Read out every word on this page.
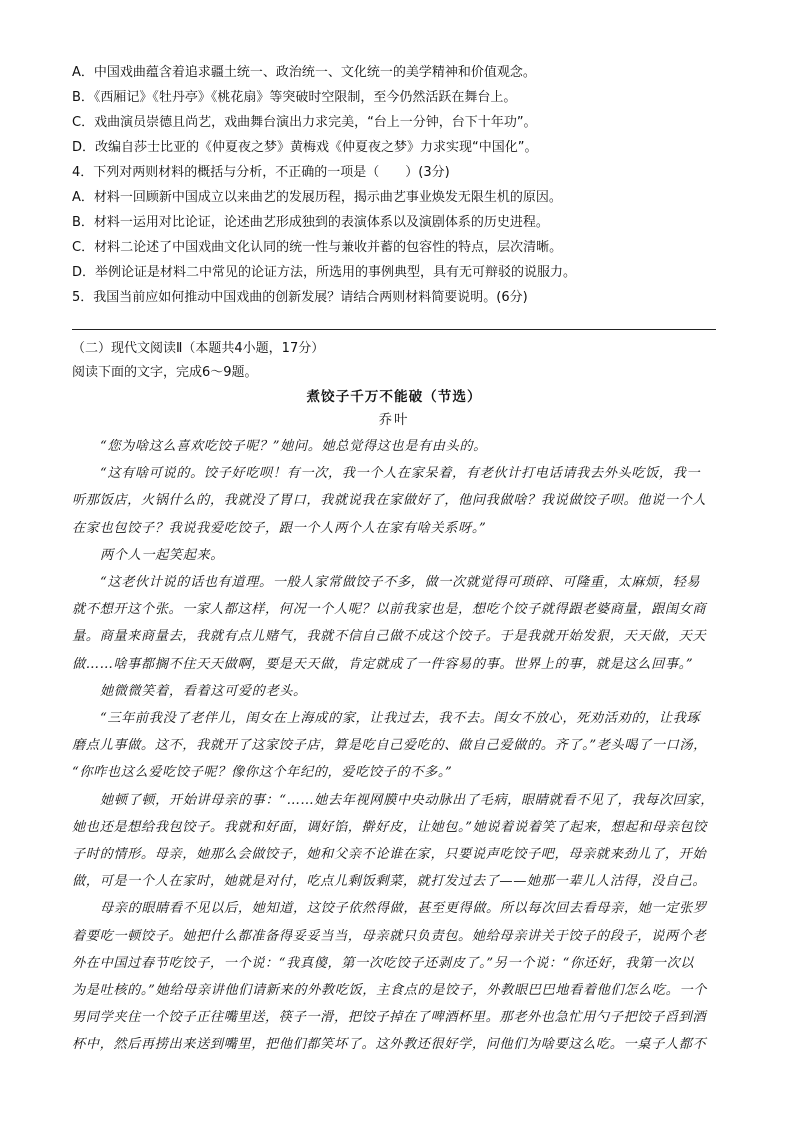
A．中国戏曲蕴含着追求疆土统一、政治统一、文化统一的美学精神和价值观念。
B．《西厢记》《牡丹亭》《桃花扇》等突破时空限制，至今仍然活跃在舞台上。
C．戏曲演员崇德且尚艺，戏曲舞台演出力求完美，“台上一分钟，台下十年功”。
D．改编自莎士比亚的《仲夏夜之梦》黄梅戏《仲夏夜之梦》力求实现“中国化”。
4．下列对两则材料的概括与分析，不正确的一项是（　　）(3分)
A．材料一回顾新中国成立以来曲艺的发展历程，揭示曲艺事业焕发无限生机的原因。
B．材料一运用对比论证，论述曲艺形成独到的表演体系以及演剧体系的历史进程。
C．材料二论述了中国戏曲文化认同的统一性与兼收并蓄的包容性的特点，层次清晰。
D．举例论证是材料二中常见的论证方法，所选用的事例典型，具有无可辩驳的说服力。
5．我国当前应如何推动中国戏曲的创新发展？请结合两则材料简要说明。(6分)
（二）现代文阅读Ⅱ（本题共4小题，17分）
阅读下面的文字，完成6～9题。
煮饺子千万不能破（节选）
乔叶
“您为啥这么喜欢吃饺子呢？”她问。她总觉得这也是有由头的。
“这有啥可说的。饺子好吃呗！有一次，我一个人在家呆着，有老伙计打电话请我去外头吃饭，我一
听那饭店，火锅什么的，我就没了胃口，我就说我在家做好了，他问我做啥？我说做饺子呗。他说一个人
在家也包饺子？我说我爱吃饺子，跟一个人两个人在家有啥关系呀。”
两个人一起笑起来。
“这老伙计说的话也有道理。一般人家常做饺子不多，做一次就觉得可琐碎、可隆重，太麻烦，轻易
就不想开这个张。一家人都这样，何况一个人呢？以前我家也是，想吃个饺子就得跟老婆商量，跟闺女商
量。商量来商量去，我就有点儿赌气，我就不信自己做不成这个饺子。于是我就开始发狠，天天做，天天
做……啥事都搁不住天天做啊，要是天天做，肯定就成了一件容易的事。世界上的事，就是这么回事。”
她微微笑着，看着这可爱的老头。
“三年前我没了老伴儿，闺女在上海成的家，让我过去，我不去。闺女不放心，死劝活劝的，让我琢
磨点儿事做。这不，我就开了这家饺子店，算是吃自己爱吃的、做自己爱做的。齐了。”老头喝了一口汤，
“你咋也这么爱吃饺子呢？像你这个年纪的，爱吃饺子的不多。”
她顿了顿，开始讲母亲的事：“……她去年视网膜中央动脉出了毛病，眼睛就看不见了，我每次回家，
她也还是想给我包饺子。我就和好面，调好馅，擀好皮，让她包。”她说着说着笑了起来，想起和母亲包饺
子时的情形。母亲，她那么会做饺子，她和父亲不论谁在家，只要说声吃饺子吧，母亲就来劲儿了，开始
做，可是一个人在家时，她就是对付，吃点儿剩饭剩菜，就打发过去了——她那一辈儿人沽得，没自己。
母亲的眼睛看不见以后，她知道，这饺子依然得做，甚至更得做。所以每次回去看母亲，她一定张罗
着要吃一顿饺子。她把什么都准备得妥妥当当，母亲就只负责包。她给母亲讲关于饺子的段子，说两个老
外在中国过春节吃饺子，一个说：“我真傻，第一次吃饺子还剥皮了。”另一个说：“你还好，我第一次以
为是吐核的。”她给母亲讲他们请新来的外教吃饭，主食点的是饺子，外教眼巴巴地看着他们怎么吃。一个
男同学夹住一个饺子正往嘴里送，筷子一滑，把饺子掉在了啤酒杯里。那老外也急忙用勺子把饺子舀到酒
杯中，然后再捞出来送到嘴里，把他们都笑坏了。这外教还很好学，问他们为啥要这么吃。一桌子人都不
